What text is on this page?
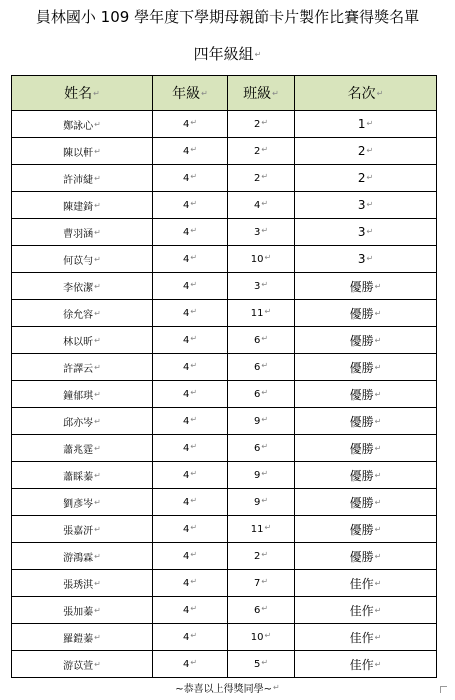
員林國小 109 學年度下學期母親節卡片製作比賽得獎名單
四年級組↵
姓名↵	年級↵	班級↵	名次↵
鄭詠心↵	4↵	2↵	1↵
陳以軒↵	4↵	2↵	2↵
許沛緁↵	4↵	2↵	2↵
陳建錡↵	4↵	4↵	3↵
曹羽涵↵	4↵	3↵	3↵
何苡勻↵	4↵	10↵	3↵
李依潔↵	4↵	3↵	優勝↵
徐允容↵	4↵	11↵	優勝↵
林以昕↵	4↵	6↵	優勝↵
許譯云↵	4↵	6↵	優勝↵
鐘郁琪↵	4↵	6↵	優勝↵
邱亦岑↵	4↵	9↵	優勝↵
蕭兆霆↵	4↵	6↵	優勝↵
蕭睬蓁↵	4↵	9↵	優勝↵
劉彥岑↵	4↵	9↵	優勝↵
張嘉汧↵	4↵	11↵	優勝↵
游鴻霖↵	4↵	2↵	優勝↵
張琇淇↵	4↵	7↵	佳作↵
張加蓁↵	4↵	6↵	佳作↵
羅鎧蓁↵	4↵	10↵	佳作↵
游苡萱↵	4↵	5↵	佳作↵
~恭喜以上得獎同學~↵
